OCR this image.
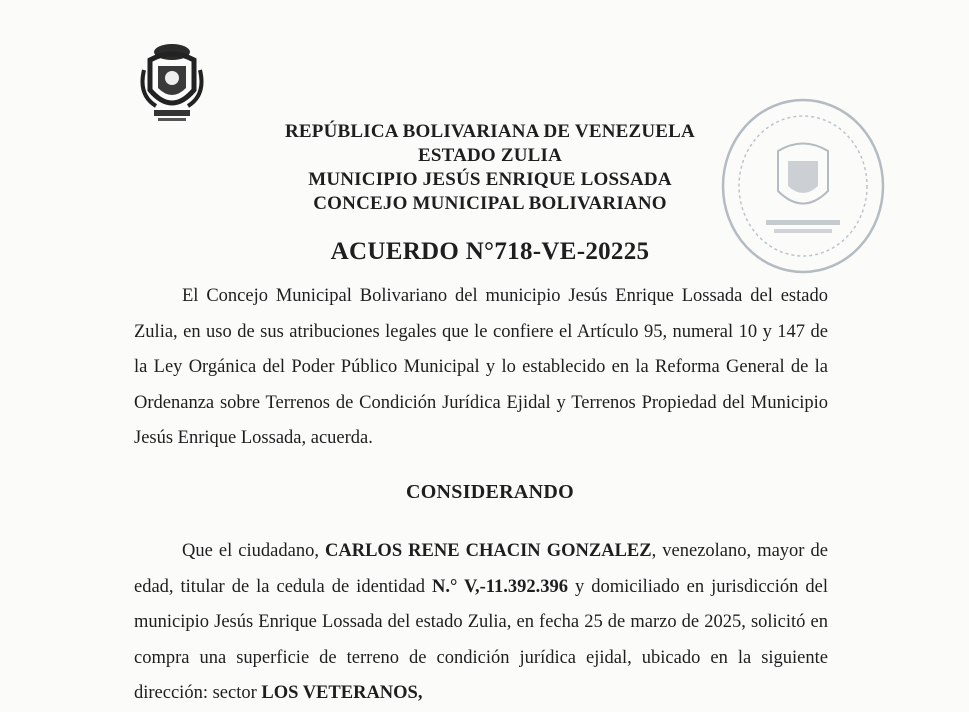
REPÚBLICA BOLIVARIANA DE VENEZUELA
ESTADO ZULIA
MUNICIPIO JESÚS ENRIQUE LOSSADA
CONCEJO MUNICIPAL BOLIVARIANO
ACUERDO N°718-VE-20225
El Concejo Municipal Bolivariano del municipio Jesús Enrique Lossada del estado Zulia, en uso de sus atribuciones legales que le confiere el Artículo 95, numeral 10 y 147 de la Ley Orgánica del Poder Público Municipal y lo establecido en la Reforma General de la Ordenanza sobre Terrenos de Condición Jurídica Ejidal y Terrenos Propiedad del Municipio Jesús Enrique Lossada, acuerda.
CONSIDERANDO
Que el ciudadano, CARLOS RENE CHACIN GONZALEZ, venezolano, mayor de edad, titular de la cedula de identidad N.° V,-11.392.396 y domiciliado en jurisdicción del municipio Jesús Enrique Lossada del estado Zulia, en fecha 25 de marzo de 2025, solicitó en compra una superficie de terreno de condición jurídica ejidal, ubicado en la siguiente dirección: sector LOS VETERANOS,
